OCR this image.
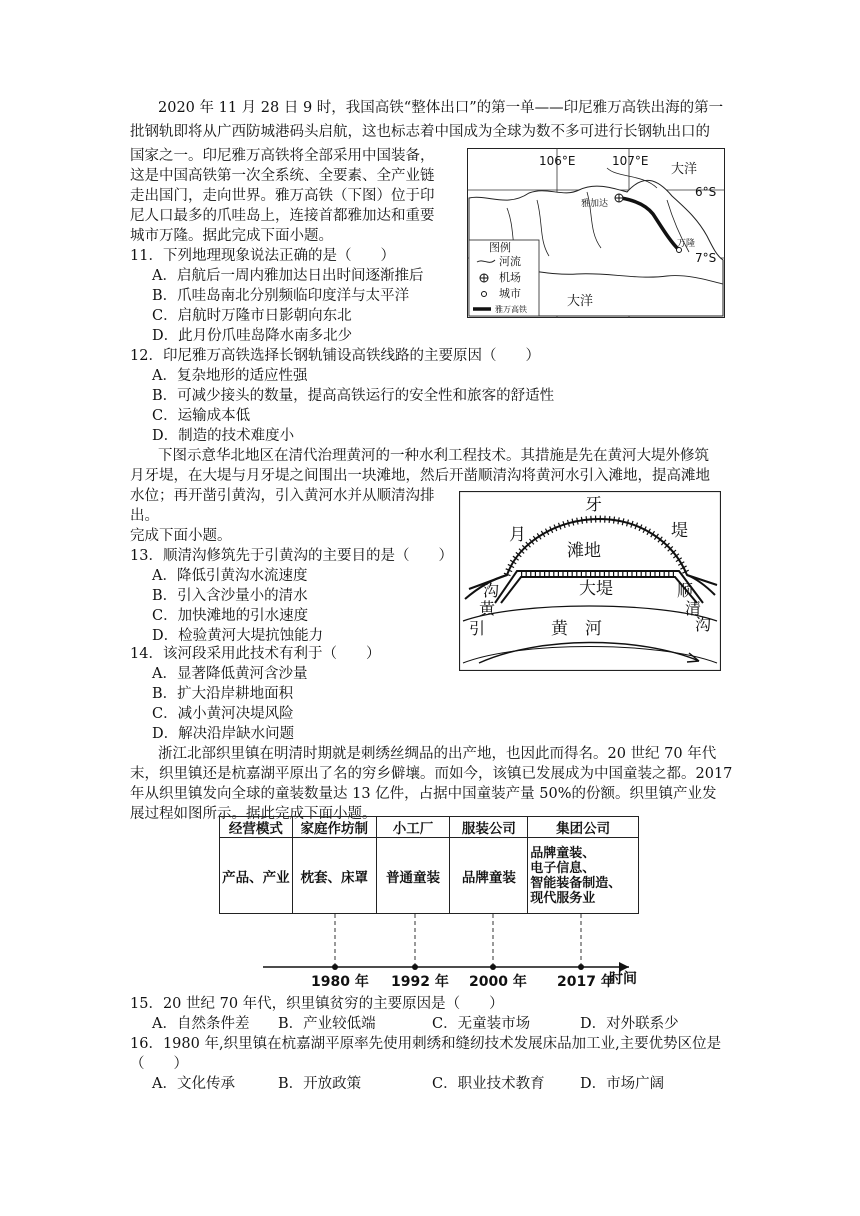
2020 年 11 月 28 日 9 时，我国高铁“整体出口”的第一单——印尼雅万高铁出海的第一
批钢轨即将从广西防城港码头启航，这也标志着中国成为全球为数不多可进行长钢轨出口的
国家之一。印尼雅万高铁将全部采用中国装备，
这是中国高铁第一次全系统、全要素、全产业链
走出国门，走向世界。雅万高铁（下图）位于印
尼人口最多的爪哇岛上，连接首都雅加达和重要
城市万隆。据此完成下面小题。
106°E	107°E
6°S
7°S
大洋
大洋
雅加达
万隆
图例
河流
机场
城市
雅万高铁
11．下列地理现象说法正确的是（　　）
A．启航后一周内雅加达日出时间逐渐推后
B．爪哇岛南北分别频临印度洋与太平洋
C．启航时万隆市日影朝向东北
D．此月份爪哇岛降水南多北少
12．印尼雅万高铁选择长钢轨铺设高铁线路的主要原因（　　）
A．复杂地形的适应性强
B．可减少接头的数量，提高高铁运行的安全性和旅客的舒适性
C．运输成本低
D．制造的技术难度小
下图示意华北地区在清代治理黄河的一种水利工程技术。其措施是先在黄河大堤外修筑
月牙堤，在大堤与月牙堤之间围出一块滩地，然后开凿顺清沟将黄河水引入滩地，提高滩地
水位；再开凿引黄沟，引入黄河水并从顺清沟排
出。
完成下面小题。
牙
月	堤
滩地
大堤
黄　河
沟
黄
引
顺
清
沟
13．顺清沟修筑先于引黄沟的主要目的是（　　）
A．降低引黄沟水流速度
B．引入含沙量小的清水
C．加快滩地的引水速度
D．检验黄河大堤抗蚀能力
14．该河段采用此技术有利于（　　）
A．显著降低黄河含沙量
B．扩大沿岸耕地面积
C．减小黄河决堤风险
D．解决沿岸缺水问题
浙江北部织里镇在明清时期就是刺绣丝绸品的出产地，也因此而得名。20 世纪 70 年代
末，织里镇还是杭嘉湖平原出了名的穷乡僻壤。而如今，该镇已发展成为中国童装之都。2017
年从织里镇发向全球的童装数量达 13 亿件，占据中国童装产量 50%的份额。织里镇产业发
展过程如图所示。据此完成下面小题。
经营模式	家庭作坊制	小工厂	服装公司	集团公司
产品、产业	枕套、床罩	普通童装	品牌童装	品牌童装、
电子信息、
智能装备制造、
现代服务业
1980 年 1992 年 2000 年 2017 年
时间
15．20 世纪 70 年代，织里镇贫穷的主要原因是（　　）
A．自然条件差 B．产业较低端	C．无童装市场	D．对外联系少
16．1980 年,织里镇在杭嘉湖平原率先使用刺绣和缝纫技术发展床品加工业,主要优势区位是
（　　）
A．文化传承	B．开放政策	C．职业技术教育 D．市场广阔
